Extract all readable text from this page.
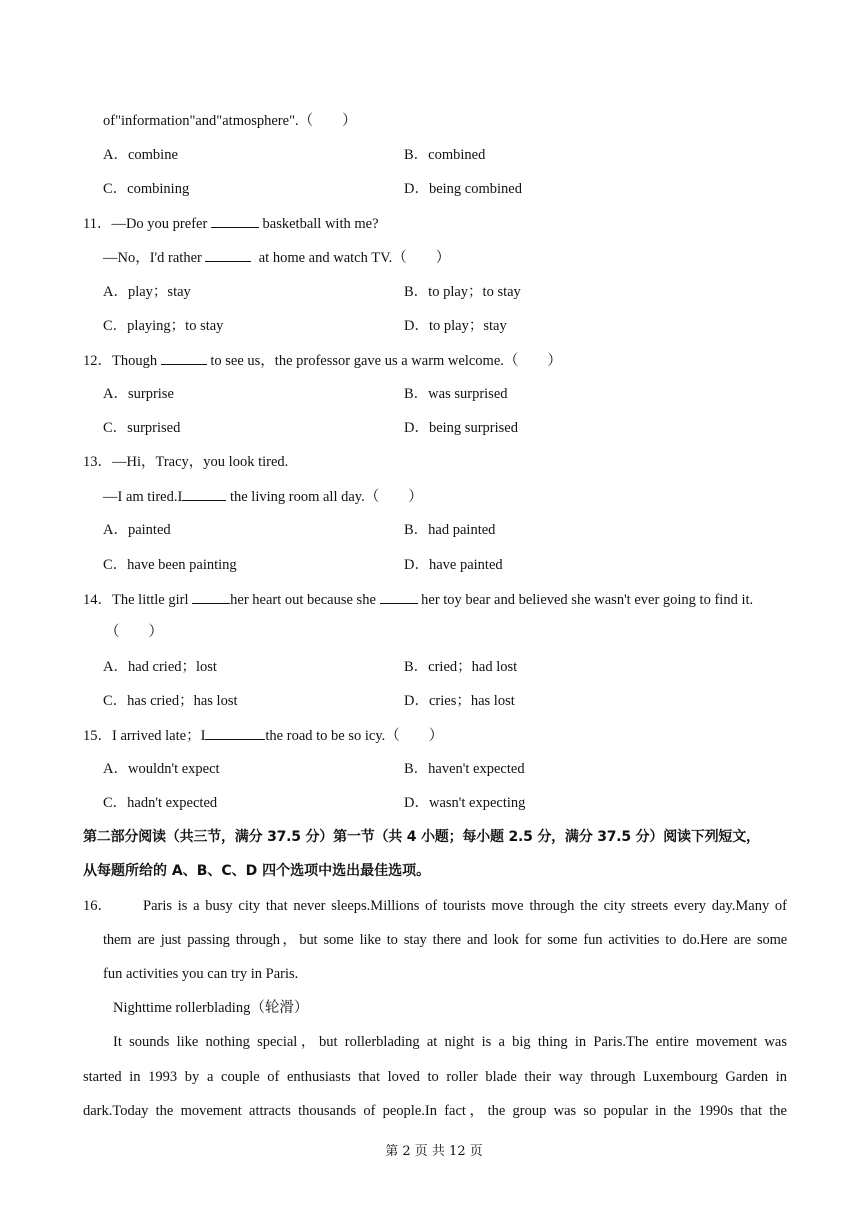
of"information"and"atmosphere".（　　）
A．combine	B．combined
C．combining	D．being combined
11．—Do you prefer	basketball with me?
—No，I'd rather	at home and watch TV.（　　）
A．play；stay	B．to play；to stay
C．playing；to stay	D．to play；stay
12．Though	to see us，the professor gave us a warm welcome.（　　）
A．surprise	B．was surprised
C．surprised	D．being surprised
13．—Hi，Tracy，you look tired.
—I am tired.I	the living room all day.（　　）
A．painted	B．had painted
C．have been painting	D．have painted
14．The little girl	her heart out because she	her toy bear and believed she wasn't ever going to find it.
（　　）
A．had cried；lost	B．cried；had lost
C．has cried；has lost	D．cries；has lost
15．I arrived late；I	the road to be so icy.（　　）
A．wouldn't expect	B．haven't expected
C．hadn't expected	D．wasn't expecting
第二部分阅读（共三节，满分 37.5 分）第一节（共 4 小题；每小题 2.5 分，满分 37.5 分）阅读下列短文，
从每题所给的 A、B、C、D 四个选项中选出最佳选项。
16． Paris is a busy city that never sleeps.Millions of tourists move through the city streets every day.Many of
them are just passing through，but some like to stay there and look for some fun activities to do.Here are some
fun activities you can try in Paris.
Nighttime rollerblading（轮滑）
It sounds like nothing special，but rollerblading at night is a big thing in Paris.The entire movement was
started in 1993 by a couple of enthusiasts that loved to roller blade their way through Luxembourg Garden in
dark.Today the movement attracts thousands of people.In fact，the group was so popular in the 1990s that the
第 2 页 共 12 页
